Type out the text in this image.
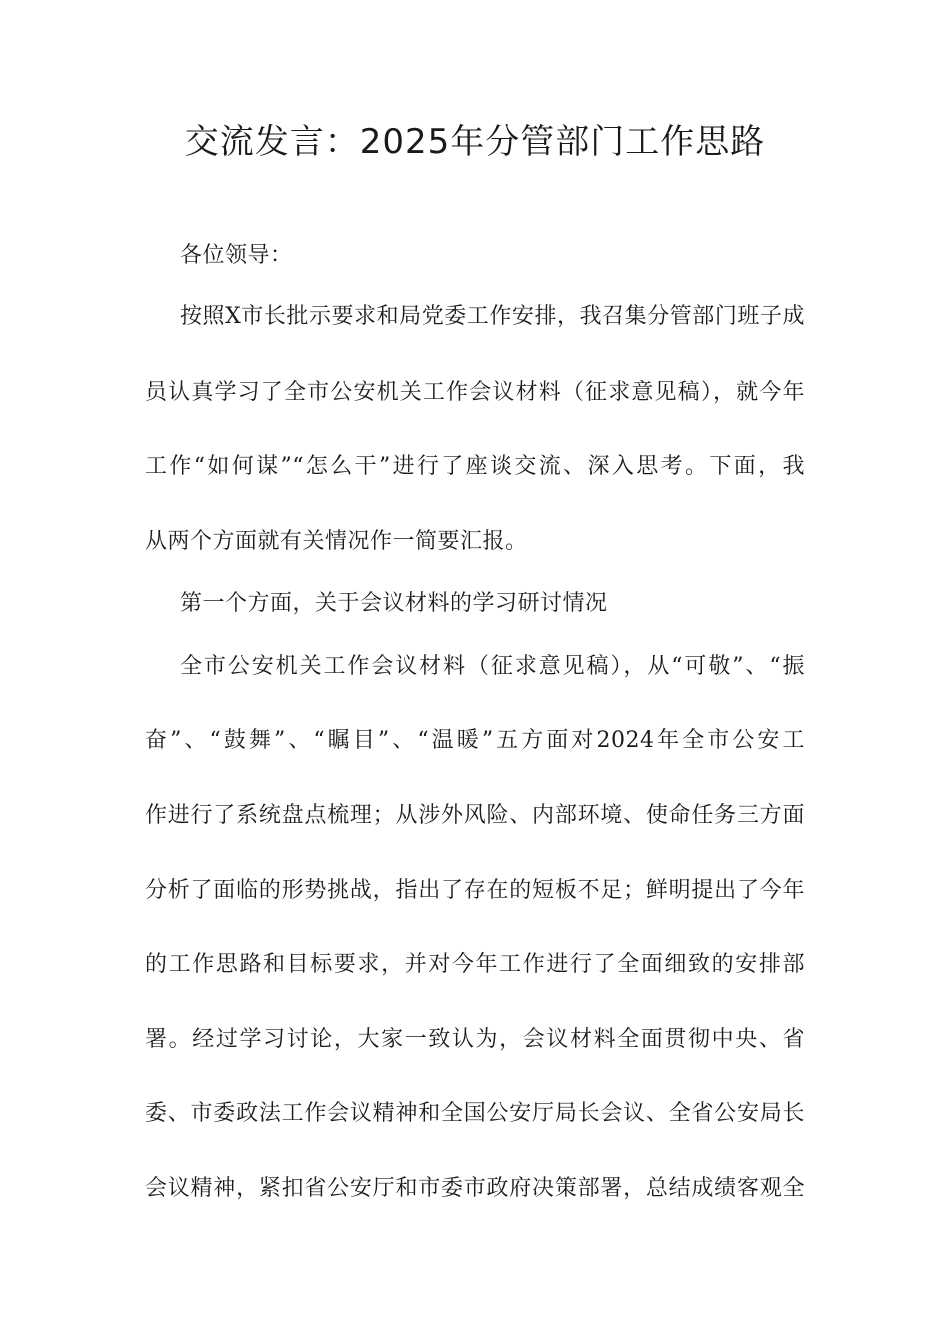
交流发言：2025年分管部门工作思路
各位领导：
按照X市长批示要求和局党委工作安排，我召集分管部门班子成
员认真学习了全市公安机关工作会议材料（征求意见稿），就今年
工作“如何谋”“怎么干”进行了座谈交流、深入思考。下面，我
从两个方面就有关情况作一简要汇报。
第一个方面，关于会议材料的学习研讨情况
全市公安机关工作会议材料（征求意见稿），从“可敬”、“振
奋”、“鼓舞”、“瞩目”、“温暖”五方面对2024年全市公安工
作进行了系统盘点梳理；从涉外风险、内部环境、使命任务三方面
分析了面临的形势挑战，指出了存在的短板不足；鲜明提出了今年
的工作思路和目标要求，并对今年工作进行了全面细致的安排部
署。经过学习讨论，大家一致认为，会议材料全面贯彻中央、省
委、市委政法工作会议精神和全国公安厅局长会议、全省公安局长
会议精神，紧扣省公安厅和市委市政府决策部署，总结成绩客观全
